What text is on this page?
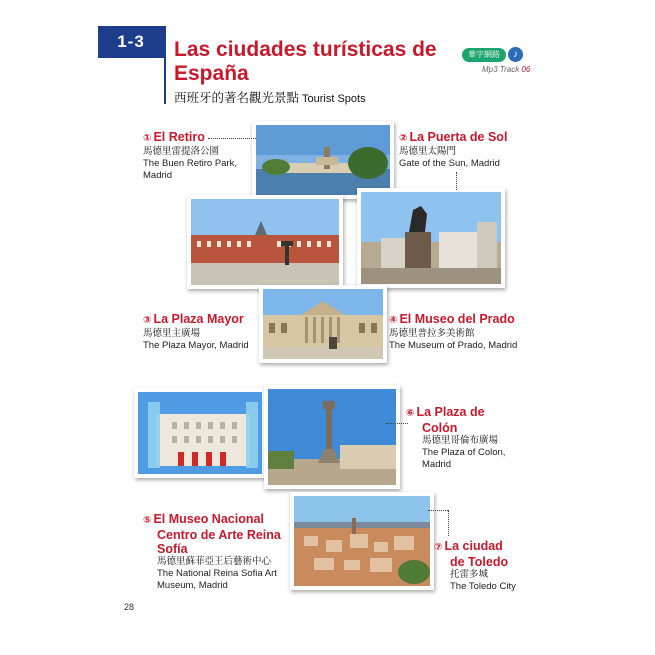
1-3 Las ciudades turísticas de
España
西班牙的著名觀光景點 Tourist Spots
華字網路 ♪
Mp3 Track 06
① El Retiro
馬德里雷提洛公園
The Buen Retiro Park, Madrid
② La Puerta de Sol
馬德里太陽門
Gate of the Sun, Madrid
③ La Plaza Mayor
馬德里主廣場
The Plaza Mayor, Madrid
④ El Museo del Prado
馬德里普拉多美術館
The Museum of Prado, Madrid
⑥ La Plaza de
Colón
馬德里哥倫布廣場
The Plaza of Colon, Madrid
⑤ El Museo Nacional
Centro de Arte Reina
Sofía
馬德里蘇菲亞王后藝術中心
The National Reina Sofia Art
Museum, Madrid
⑦ La ciudad
de Toledo
托雷多城
The Toledo City
28
